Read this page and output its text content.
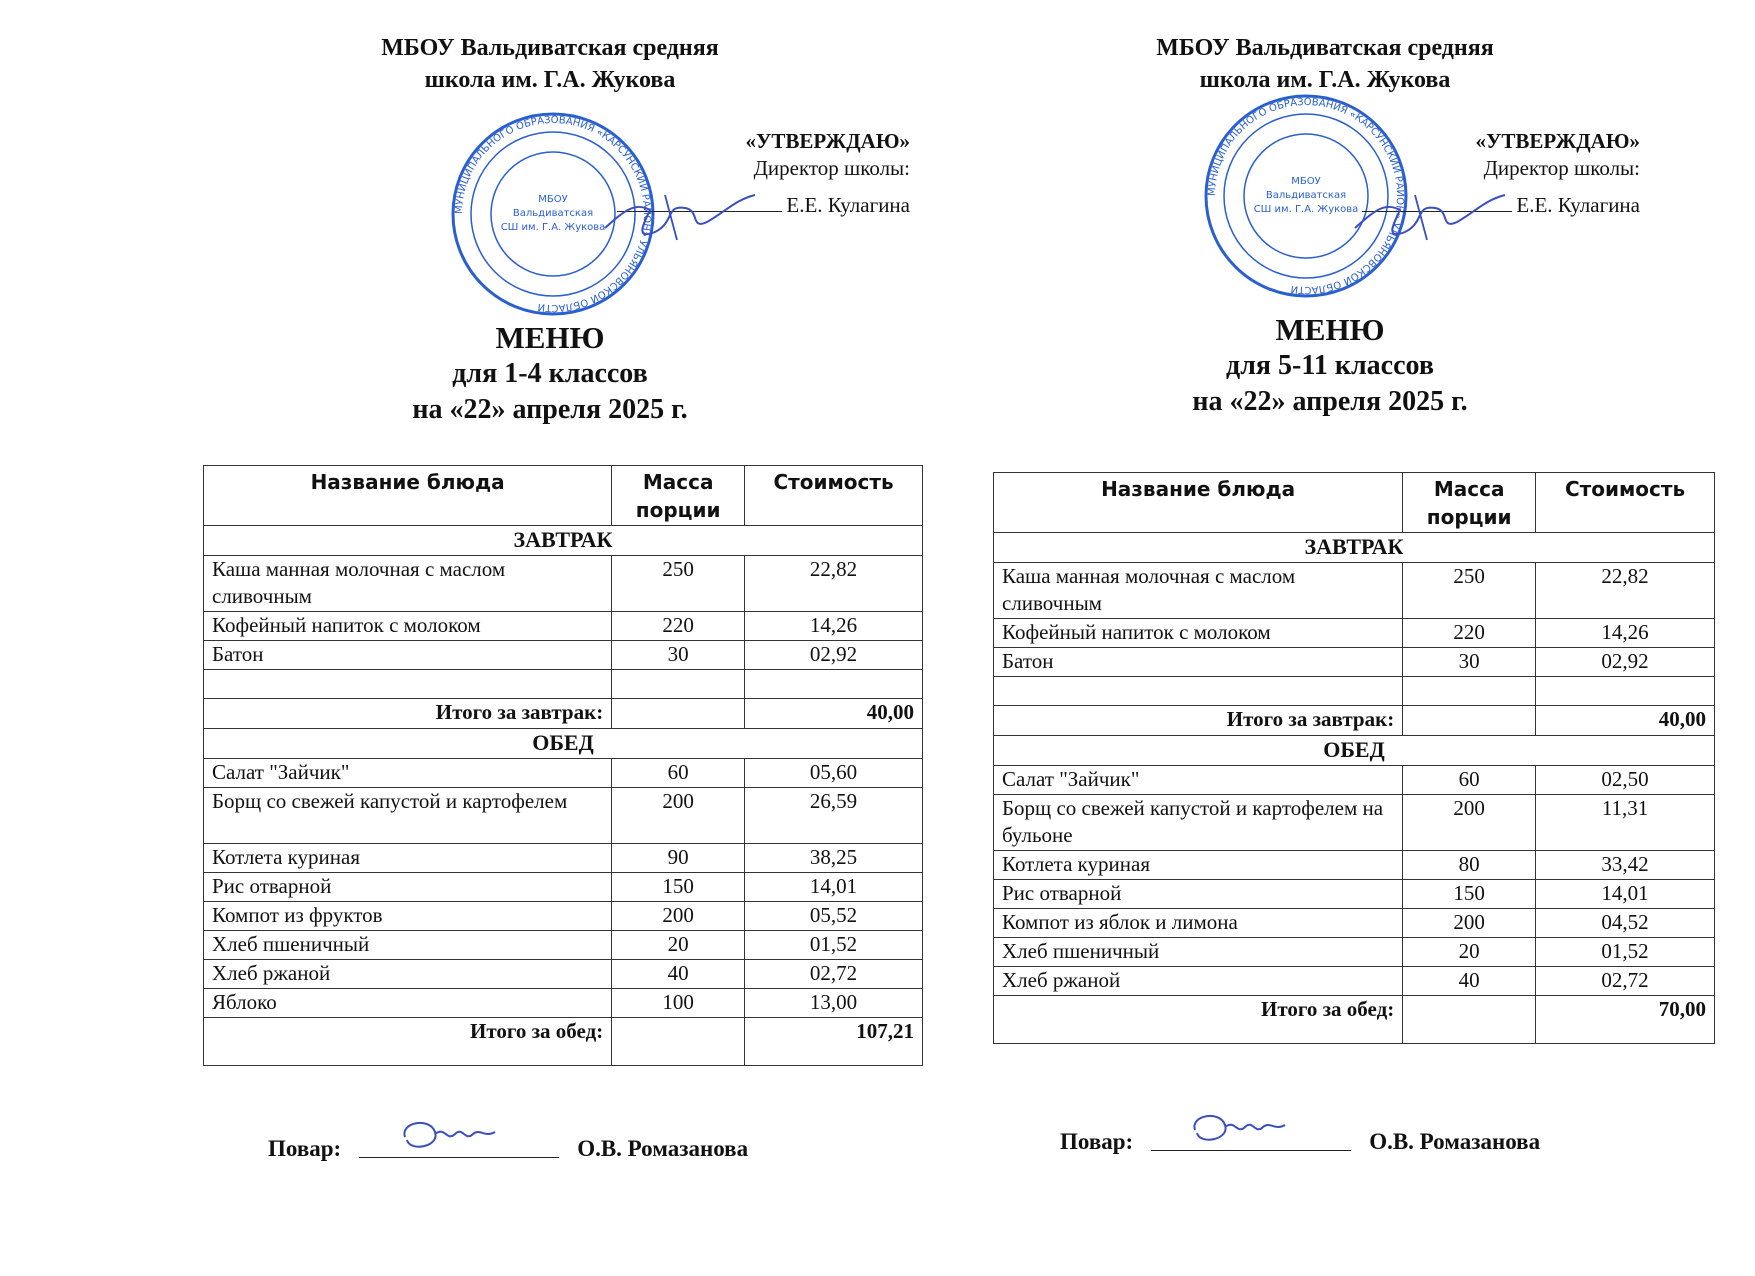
МБОУ Вальдиватская средняя
школа им. Г.А. Жукова
МУНИЦИПАЛЬНОГО ОБРАЗОВАНИЯ «КАРСУНСКИЙ РАЙОН» УЛЬЯНОВСКОЙ ОБЛАСТИ
МБОУ
Вальдиватская
СШ им. Г.А. Жукова
«УТВЕРЖДАЮ»
Директор школы:
Е.Е. Кулагина
МЕНЮ
для 1-4 классов
на «22» апреля 2025 г.
Название блюда	Масса порции	Стоимость
ЗАВТРАК		
Каша манная молочная с маслом сливочным	250	22,82
Кофейный напиток с молоком	220	14,26
Батон	30	02,92

Итого за завтрак:		40,00
ОБЕД		
Салат "Зайчик"	60	05,60
Борщ со свежей капустой и картофелем	200	26,59
Котлета куриная	90	38,25
Рис отварной	150	14,01
Компот из фруктов	200	05,52
Хлеб пшеничный	20	01,52
Хлеб ржаной	40	02,72
Яблоко	100	13,00
Итого за обед:		107,21
Повар:	О.В. Ромазанова
МБОУ Вальдиватская средняя
школа им. Г.А. Жукова
МУНИЦИПАЛЬНОГО ОБРАЗОВАНИЯ «КАРСУНСКИЙ РАЙОН» УЛЬЯНОВСКОЙ ОБЛАСТИ
МБОУ
Вальдиватская
СШ им. Г.А. Жукова
«УТВЕРЖДАЮ»
Директор школы:
Е.Е. Кулагина
МЕНЮ
для 5-11 классов
на «22» апреля 2025 г.
Название блюда	Масса порции	Стоимость
ЗАВТРАК		
Каша манная молочная с маслом сливочным	250	22,82
Кофейный напиток с молоком	220	14,26
Батон	30	02,92

Итого за завтрак:		40,00
ОБЕД		
Салат "Зайчик"	60	02,50
Борщ со свежей капустой и картофелем на бульоне	200	11,31
Котлета куриная	80	33,42
Рис отварной	150	14,01
Компот из яблок и лимона	200	04,52
Хлеб пшеничный	20	01,52
Хлеб ржаной	40	02,72
Итого за обед:		70,00
Повар:	О.В. Ромазанова
